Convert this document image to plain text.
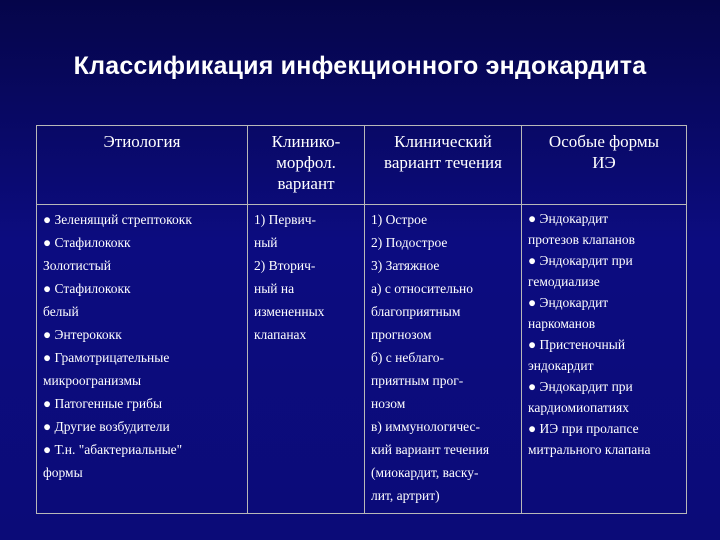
Классификация инфекционного эндокардита
Этиология	Клинико-
морфол.
вариант
Клинический
вариант течения
Особые формы
ИЭ
● Зеленящий стрептококк
● Стафилококк
Золотистый
● Стафилококк
белый
● Энтерококк
● Грамотрицательные
микроогранизмы
● Патогенные грибы
● Другие возбудители
● Т.н. "абактериальные"
формы
1) Первич-
ный
2) Вторич-
ный на
измененных
клапанах
1) Острое
2) Подострое
3) Затяжное
а) с относительно
благоприятным
прогнозом
б) с неблаго-
приятным прог-
нозом
в) иммунологичес-
кий вариант течения
(миокардит, васку-
лит, артрит)
● Эндокардит
протезов клапанов
● Эндокардит при
гемодиализе
● Эндокардит
наркоманов
● Пристеночный
эндокардит
● Эндокардит при
кардиомиопатиях
● ИЭ при пролапсе
митрального клапана
